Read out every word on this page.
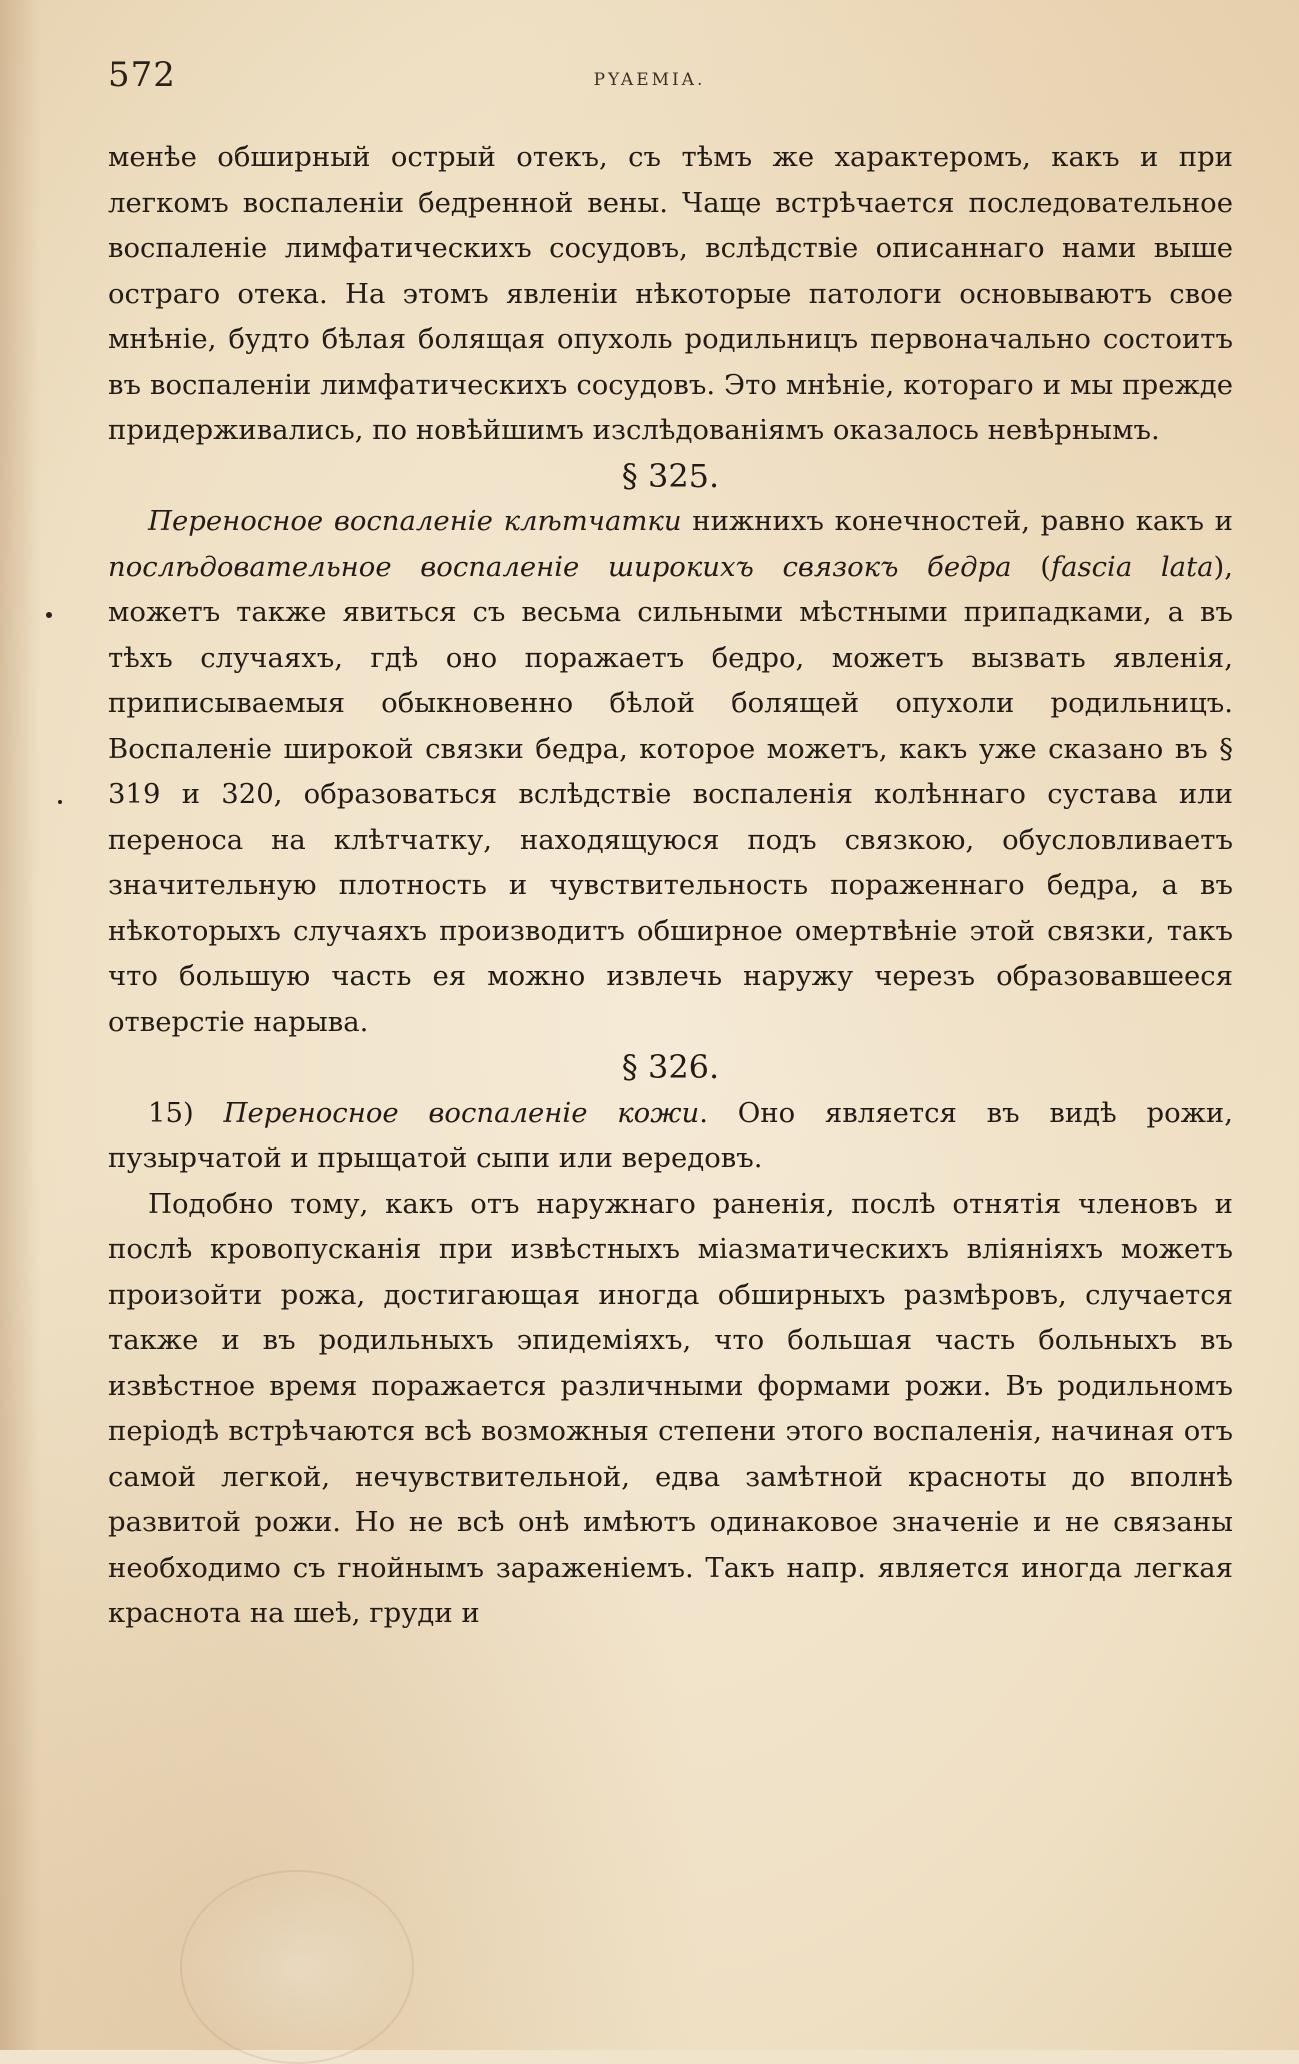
572	PYAEMIA.

менѣе обширный острый отекъ, съ тѣмъ же характеромъ, какъ и при легкомъ воспаленіи бедренной вены. Чаще встрѣчается последовательное воспаленіе лимфатическихъ сосудовъ, вслѣдствіе описаннаго нами выше остраго отека. На этомъ явленіи нѣкоторые патологи основываютъ свое мнѣніе, будто бѣлая болящая опухоль родильницъ первоначально состоитъ въ воспаленіи лимфатическихъ сосудовъ. Это мнѣніе, котораго и мы прежде придерживались, по новѣйшимъ изслѣдованіямъ оказалось невѣрнымъ.

§ 325.

Переносное воспаленіе клѣтчатки нижнихъ конечностей, равно какъ и послѣдовательное воспаленіе широкихъ связокъ бедра (fascia lata), можетъ также явиться съ весьма сильными мѣстными припадками, а въ тѣхъ случаяхъ, гдѣ оно поражаетъ бедро, можетъ вызвать явленія, приписываемыя обыкновенно бѣлой болящей опухоли родильницъ. Воспаленіе широкой связки бедра, которое можетъ, какъ уже сказано въ § 319 и 320, образоваться вслѣдствіе воспаленія колѣннаго сустава или переноса на клѣтчатку, находящуюся подъ связкою, обусловливаетъ значительную плотность и чувствительность пораженнаго бедра, а въ нѣкоторыхъ случаяхъ производитъ обширное омертвѣніе этой связки, такъ что большую часть ея можно извлечь наружу черезъ образовавшееся отверстіе нарыва.

§ 326.

15) Переносное воспаленіе кожи. Оно является въ видѣ рожи, пузырчатой и прыщатой сыпи или вередовъ.

Подобно тому, какъ отъ наружнаго раненія, послѣ отнятія членовъ и послѣ кровопусканія при извѣстныхъ міазматическихъ вліяніяхъ можетъ произойти рожа, достигающая иногда обширныхъ размѣровъ, случается также и въ родильныхъ эпидеміяхъ, что большая часть больныхъ въ извѣстное время поражается различными формами рожи. Въ родильномъ періодѣ встрѣчаются всѣ возможныя степени этого воспаленія, начиная отъ самой легкой, нечувствительной, едва замѣтной красноты до вполнѣ развитой рожи. Но не всѣ онѣ имѣютъ одинаковое значеніе и не связаны необходимо съ гнойнымъ зараженіемъ. Такъ напр. является иногда легкая краснота на шеѣ, груди и
